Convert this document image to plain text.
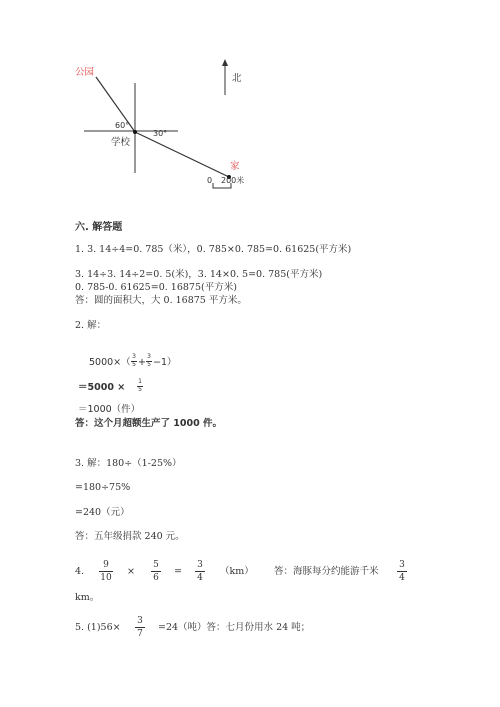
公园
北
60°
30°
学校
家
0 200米
六. 解答题
1. 3. 14÷4=0. 785（米），0. 785×0. 785=0. 61625(平方米)
3. 14÷3. 14÷2=0. 5(米)，3. 14×0. 5=0. 785(平方米)
0. 785-0. 61625=0. 16875(平方米)
答：圆的面积大，大 0. 16875 平方米。
2. 解：
5000×（
3
5 +
3
5 −1）
＝5000 ×
1
5
＝1000（件）
答：这个月超额生产了 1000 件。
3. 解：180÷（1-25%）
=180÷75%
=240（元）
答：五年级捐款 240 元。
4.
9
10
×
5
6
=
3
4
（km） 答：海豚每分约能游千米
3
4
km。
5. (1)56×
3
7
=24（吨）答：七月份用水 24 吨；
